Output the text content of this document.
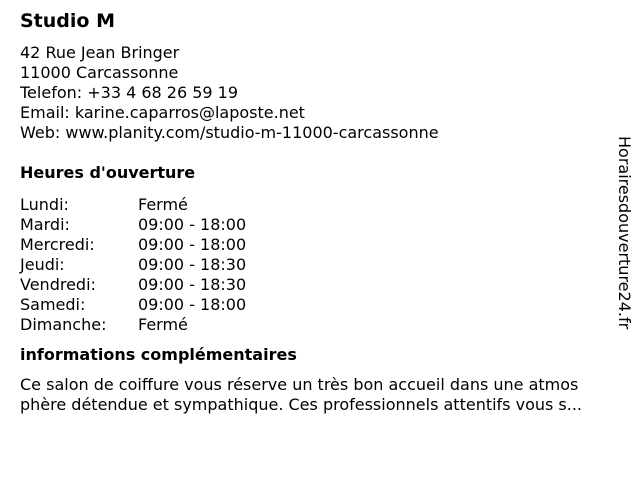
Studio M
42 Rue Jean Bringer
11000 Carcassonne
Telefon: +33 4 68 26 59 19
Email: karine.caparros@laposte.net
Web: www.planity.com/studio-m-11000-carcassonne
Heures d'ouverture
Lundi:	Fermé
Mardi:	09:00 - 18:00
Mercredi:	09:00 - 18:00
Jeudi:	09:00 - 18:30
Vendredi:	09:00 - 18:30
Samedi:	09:00 - 18:00
Dimanche:	Fermé
informations complémentaires
Ce salon de coiffure vous réserve un très bon accueil dans une atmos
phère détendue et sympathique. Ces professionnels attentifs vous s...
Horairesdouverture24.fr
